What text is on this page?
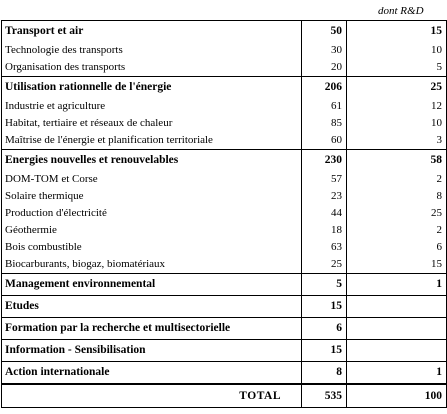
dont R&D
Transport et air	50	15
Technologie des transports	30	10
Organisation des transports	20	5
Utilisation rationnelle de l'énergie	206	25
Industrie et agriculture	61	12
Habitat, tertiaire et réseaux de chaleur	85	10
Maîtrise de l'énergie et planification territoriale	60	3
Energies nouvelles et renouvelables	230	58
DOM-TOM et Corse	57	2
Solaire thermique	23	8
Production d'électricité	44	25
Géothermie	18	2
Bois combustible	63	6
Biocarburants, biogaz, biomatériaux	25	15
Management environnemental	5	1
Etudes	15	
Formation par la recherche et multisectorielle	6	
Information - Sensibilisation	15	
Action internationale	8	1
TOTAL	535	100
